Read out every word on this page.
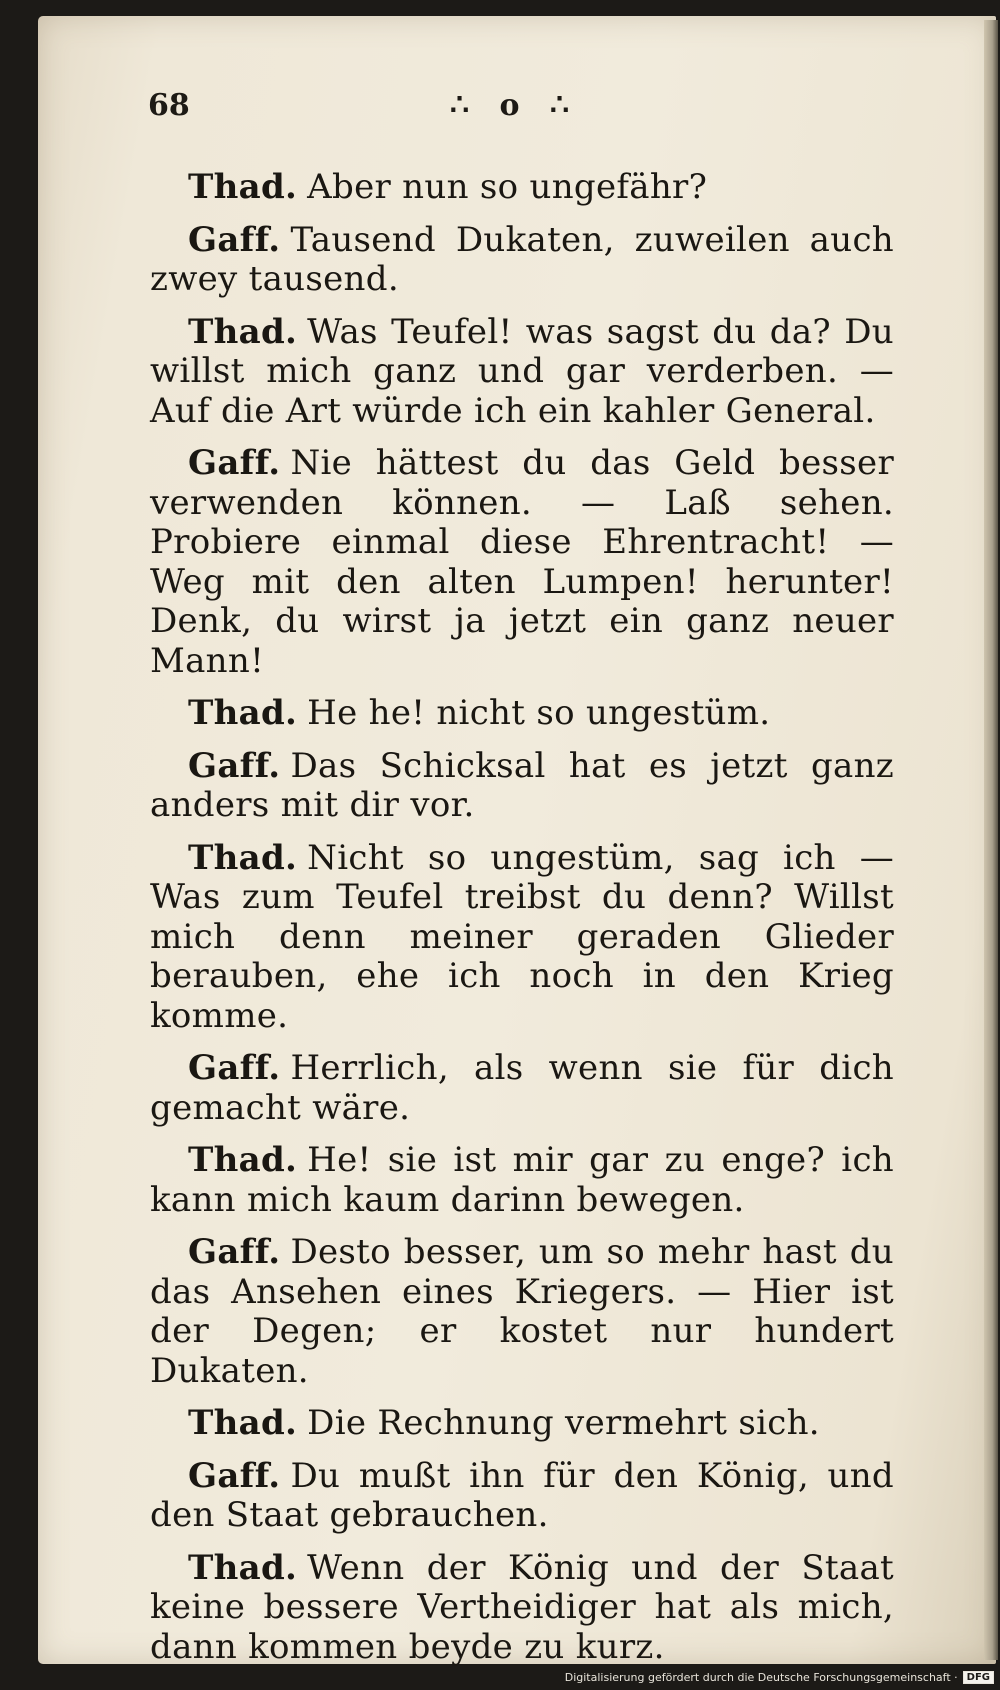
68	∴ o ∴

Thad. Aber nun so ungefähr?

Gaff. Tausend Dukaten, zuweilen auch zwey tausend.

Thad. Was Teufel! was sagst du da? Du willst mich ganz und gar verderben. — Auf die Art würde ich ein kahler General.

Gaff. Nie hättest du das Geld besser verwenden können. — Laß sehen. Probiere einmal diese Ehrentracht! — Weg mit den alten Lumpen! herunter! Denk, du wirst ja jetzt ein ganz neuer Mann!

Thad. He he! nicht so ungestüm.

Gaff. Das Schicksal hat es jetzt ganz anders mit dir vor.

Thad. Nicht so ungestüm, sag ich — Was zum Teufel treibst du denn? Willst mich denn meiner geraden Glieder berauben, ehe ich noch in den Krieg komme.

Gaff. Herrlich, als wenn sie für dich gemacht wäre.

Thad. He! sie ist mir gar zu enge? ich kann mich kaum darinn bewegen.

Gaff. Desto besser, um so mehr hast du das Ansehen eines Kriegers. — Hier ist der Degen; er kostet nur hundert Dukaten.

Thad. Die Rechnung vermehrt sich.

Gaff. Du mußt ihn für den König, und den Staat gebrauchen.

Thad. Wenn der König und der Staat keine bessere Vertheidiger hat als mich, dann kommen beyde zu kurz.

Digitalisierung gefördert durch die Deutsche Forschungsgemeinschaft · DFG
